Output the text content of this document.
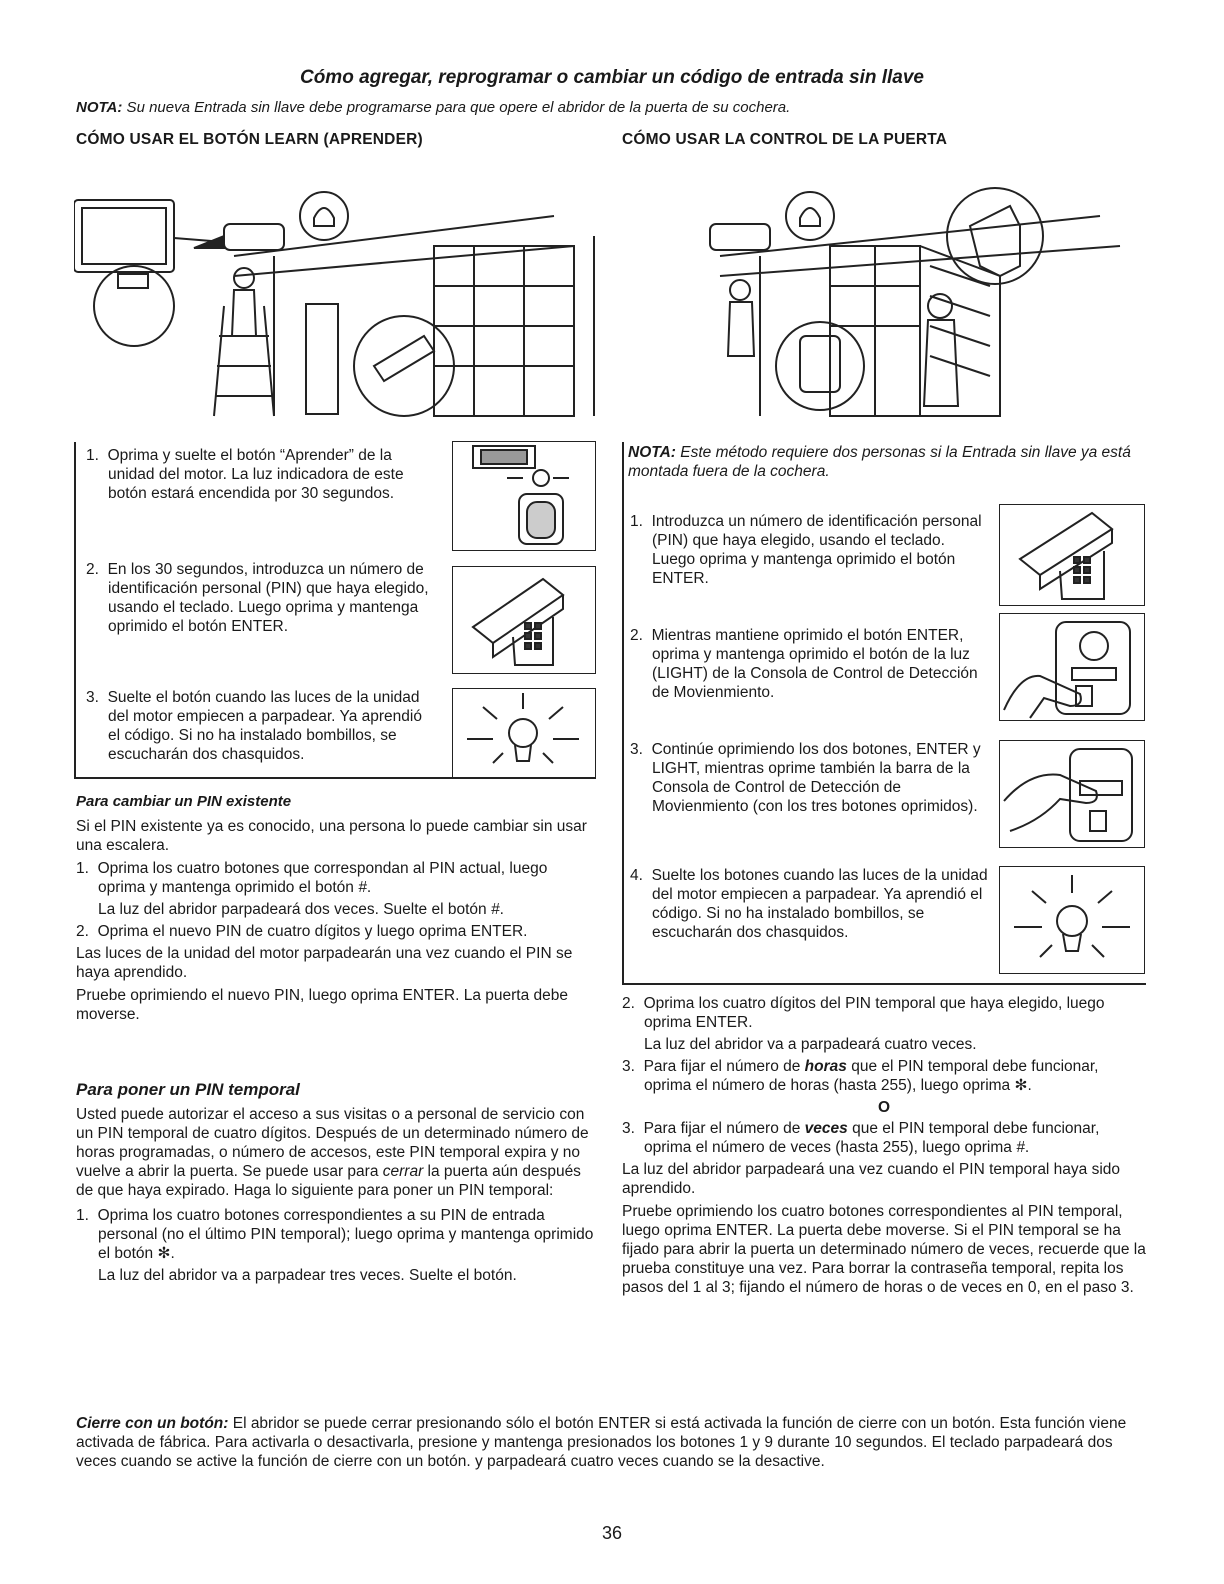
Cómo agregar, reprogramar o cambiar un código de entrada sin llave
NOTA: Su nueva Entrada sin llave debe programarse para que opere el abridor de la puerta de su cochera.
CÓMO USAR EL BOTÓN LEARN (APRENDER)	CÓMO USAR LA CONTROL DE LA PUERTA
1. Oprima y suelte el botón “Aprender” de la unidad del motor. La luz indicadora de este botón estará encendida por 30 segundos.
2. En los 30 segundos, introduzca un número de identificación personal (PIN) que haya elegido, usando el teclado. Luego oprima y mantenga oprimido el botón ENTER.
3. Suelte el botón cuando las luces de la unidad del motor empiecen a parpadear. Ya aprendió el código. Si no ha instalado bombillos, se escucharán dos chasquidos.
Para cambiar un PIN existente
Si el PIN existente ya es conocido, una persona lo puede cambiar sin usar una escalera.
1. Oprima los cuatro botones que correspondan al PIN actual, luego oprima y mantenga oprimido el botón #.
La luz del abridor parpadeará dos veces. Suelte el botón #.
2. Oprima el nuevo PIN de cuatro dígitos y luego oprima ENTER.
Las luces de la unidad del motor parpadearán una vez cuando el PIN se haya aprendido.
Pruebe oprimiendo el nuevo PIN, luego oprima ENTER. La puerta debe moverse.
Para poner un PIN temporal
Usted puede autorizar el acceso a sus visitas o a personal de servicio con un PIN temporal de cuatro dígitos. Después de un determinado número de horas programadas, o número de accesos, este PIN temporal expira y no vuelve a abrir la puerta. Se puede usar para cerrar la puerta aún después de que haya expirado. Haga lo siguiente para poner un PIN temporal:
1. Oprima los cuatro botones correspondientes a su PIN de entrada personal (no el último PIN temporal); luego oprima y mantenga oprimido el botón ✻.
La luz del abridor va a parpadear tres veces. Suelte el botón.
NOTA: Este método requiere dos personas si la Entrada sin llave ya está montada fuera de la cochera.
1. Introduzca un número de identificación personal (PIN) que haya elegido, usando el teclado. Luego oprima y mantenga oprimido el botón ENTER.
2. Mientras mantiene oprimido el botón ENTER, oprima y mantenga oprimido el botón de la luz (LIGHT) de la Consola de Control de Detección de Movienmiento.
3. Continúe oprimiendo los dos botones, ENTER y LIGHT, mientras oprime también la barra de la Consola de Control de Detección de Movienmiento (con los tres botones oprimidos).
4. Suelte los botones cuando las luces de la unidad del motor empiecen a parpadear. Ya aprendió el código. Si no ha instalado bombillos, se escucharán dos chasquidos.
2. Oprima los cuatro dígitos del PIN temporal que haya elegido, luego oprima ENTER.
La luz del abridor va a parpadeará cuatro veces.
3. Para fijar el número de horas que el PIN temporal debe funcionar, oprima el número de horas (hasta 255), luego oprima ✻.
O
3. Para fijar el número de veces que el PIN temporal debe funcionar, oprima el número de veces (hasta 255), luego oprima #.
La luz del abridor parpadeará una vez cuando el PIN temporal haya sido aprendido.
Pruebe oprimiendo los cuatro botones correspondientes al PIN temporal, luego oprima ENTER. La puerta debe moverse. Si el PIN temporal se ha fijado para abrir la puerta un determinado número de veces, recuerde que la prueba constituye una vez. Para borrar la contraseña temporal, repita los pasos del 1 al 3; fijando el número de horas o de veces en 0, en el paso 3.
Cierre con un botón: El abridor se puede cerrar presionando sólo el botón ENTER si está activada la función de cierre con un botón. Esta función viene activada de fábrica. Para activarla o desactivarla, presione y mantenga presionados los botones 1 y 9 durante 10 segundos. El teclado parpadeará dos veces cuando se active la función de cierre con un botón. y parpadeará cuatro veces cuando se la desactive.
36
